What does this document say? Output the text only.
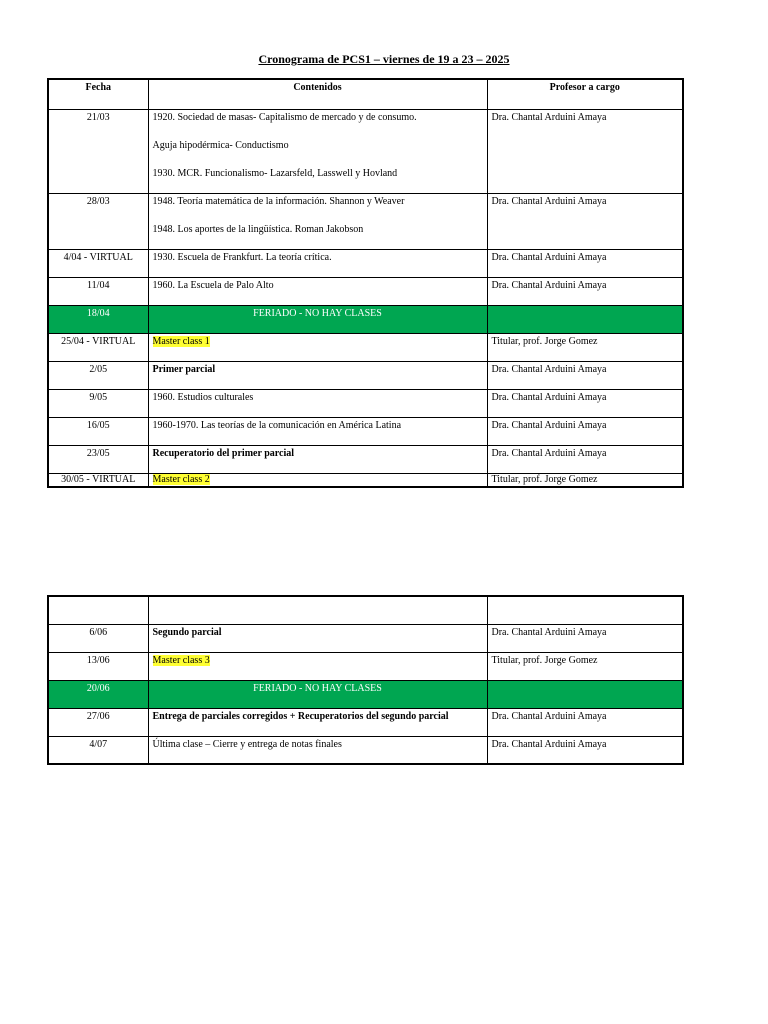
Cronograma de PCS1 – viernes de 19 a 23 – 2025
Fecha	Contenidos	Profesor a cargo
21/03	1920. Sociedad de masas- Capitalismo de mercado y de consumo.
Aguja hipodérmica- Conductismo
1930. MCR. Funcionalismo- Lazarsfeld, Lasswell y Hovland	Dra. Chantal Arduini Amaya
28/03	1948. Teoría matemática de la información. Shannon y Weaver
1948. Los aportes de la lingüística. Roman Jakobson	Dra. Chantal Arduini Amaya
4/04 - VIRTUAL	1930. Escuela de Frankfurt. La teoría crítica.	Dra. Chantal Arduini Amaya
11/04	1960. La Escuela de Palo Alto	Dra. Chantal Arduini Amaya
18/04	FERIADO - NO HAY CLASES	
25/04 - VIRTUAL	Master class 1	Titular, prof. Jorge Gomez
2/05	Primer parcial	Dra. Chantal Arduini Amaya
9/05	1960. Estudios culturales	Dra. Chantal Arduini Amaya
16/05	1960-1970. Las teorías de la comunicación en América Latina	Dra. Chantal Arduini Amaya
23/05	Recuperatorio del primer parcial	Dra. Chantal Arduini Amaya
30/05 - VIRTUAL	Master class 2	Titular, prof. Jorge Gomez

6/06	Segundo parcial	Dra. Chantal Arduini Amaya
13/06	Master class 3	Titular, prof. Jorge Gomez
20/06	FERIADO - NO HAY CLASES	
27/06	Entrega de parciales corregidos + Recuperatorios del segundo parcial	Dra. Chantal Arduini Amaya
4/07	Última clase – Cierre y entrega de notas finales	Dra. Chantal Arduini Amaya
